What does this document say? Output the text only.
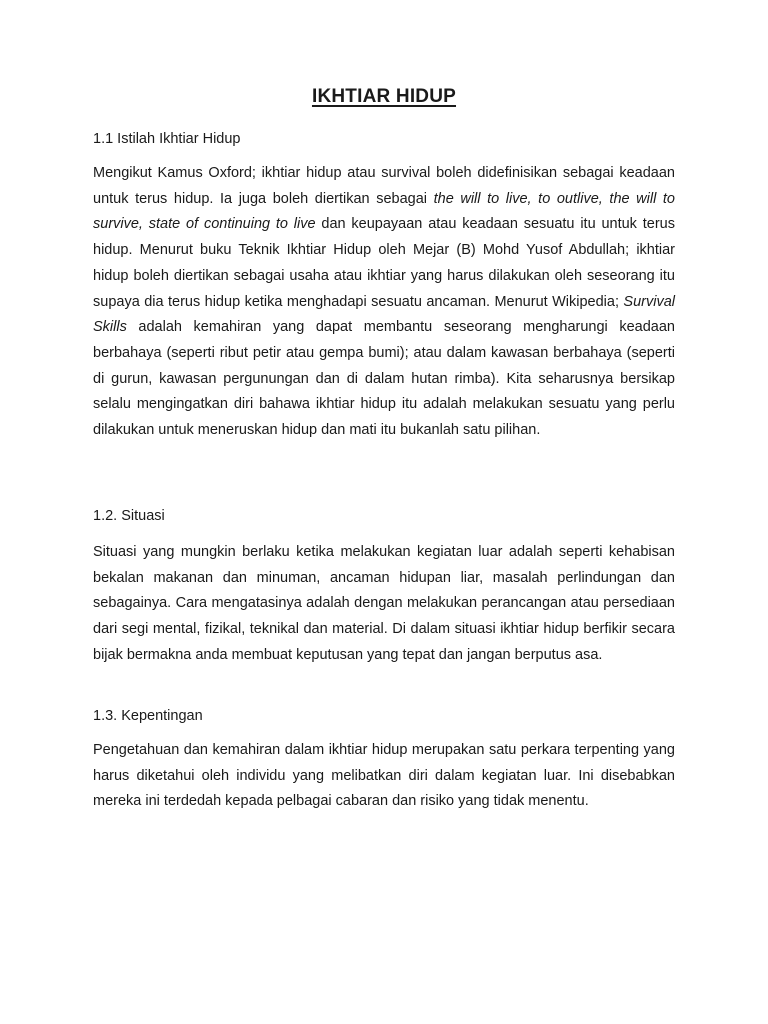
IKHTIAR HIDUP
1.1 Istilah Ikhtiar Hidup
Mengikut Kamus Oxford; ikhtiar hidup atau survival boleh didefinisikan sebagai keadaan untuk terus hidup. Ia juga boleh diertikan sebagai the will to live, to outlive, the will to survive, state of continuing to live dan keupayaan atau keadaan sesuatu itu untuk terus hidup. Menurut buku Teknik Ikhtiar Hidup oleh Mejar (B) Mohd Yusof Abdullah; ikhtiar hidup boleh diertikan sebagai usaha atau ikhtiar yang harus dilakukan oleh seseorang itu supaya dia terus hidup ketika menghadapi sesuatu ancaman. Menurut Wikipedia; Survival Skills adalah kemahiran yang dapat membantu seseorang mengharungi keadaan berbahaya (seperti ribut petir atau gempa bumi); atau dalam kawasan berbahaya (seperti di gurun, kawasan pergunungan dan di dalam hutan rimba). Kita seharusnya bersikap selalu mengingatkan diri bahawa ikhtiar hidup itu adalah melakukan sesuatu yang perlu dilakukan untuk meneruskan hidup dan mati itu bukanlah satu pilihan.
1.2. Situasi
Situasi yang mungkin berlaku ketika melakukan kegiatan luar adalah seperti kehabisan bekalan makanan dan minuman, ancaman hidupan liar, masalah perlindungan dan sebagainya. Cara mengatasinya adalah dengan melakukan perancangan atau persediaan dari segi mental, fizikal, teknikal dan material. Di dalam situasi ikhtiar hidup berfikir secara bijak bermakna anda membuat keputusan yang tepat dan jangan berputus asa.
1.3. Kepentingan
Pengetahuan dan kemahiran dalam ikhtiar hidup merupakan satu perkara terpenting yang harus diketahui oleh individu yang melibatkan diri dalam kegiatan luar. Ini disebabkan mereka ini terdedah kepada pelbagai cabaran dan risiko yang tidak menentu.
